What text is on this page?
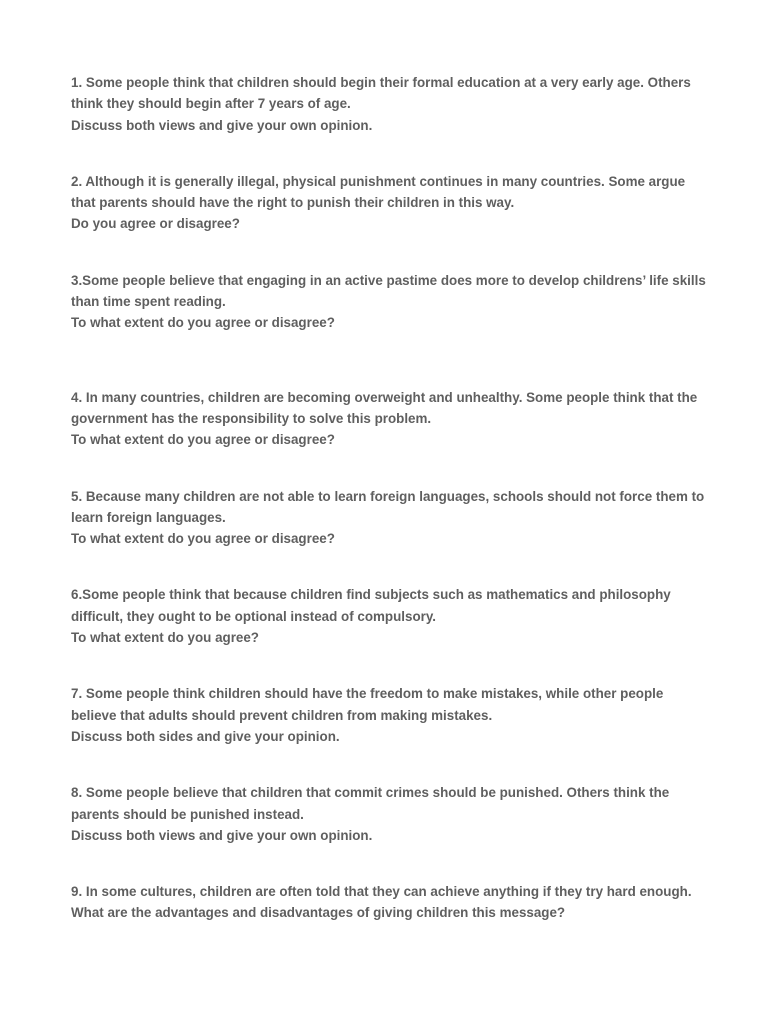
1. Some people think that children should begin their formal education at a very early age. Others think they should begin after 7 years of age.

Discuss both views and give your own opinion.

2. Although it is generally illegal, physical punishment continues in many countries. Some argue that parents should have the right to punish their children in this way.

Do you agree or disagree?

3.Some people believe that engaging in an active pastime does more to develop childrens’ life skills than time spent reading.

To what extent do you agree or disagree?

4. In many countries, children are becoming overweight and unhealthy. Some people think that the government has the responsibility to solve this problem.

To what extent do you agree or disagree?

5. Because many children are not able to learn foreign languages, schools should not force them to learn foreign languages.

To what extent do you agree or disagree?

6.Some people think that because children find subjects such as mathematics and philosophy difficult, they ought to be optional instead of compulsory.

To what extent do you agree?

7. Some people think children should have the freedom to make mistakes, while other people believe that adults should prevent children from making mistakes.

Discuss both sides and give your opinion.

8. Some people believe that children that commit crimes should be punished. Others think the parents should be punished instead.

Discuss both views and give your own opinion.

9. In some cultures, children are often told that they can achieve anything if they try hard enough.

What are the advantages and disadvantages of giving children this message?
